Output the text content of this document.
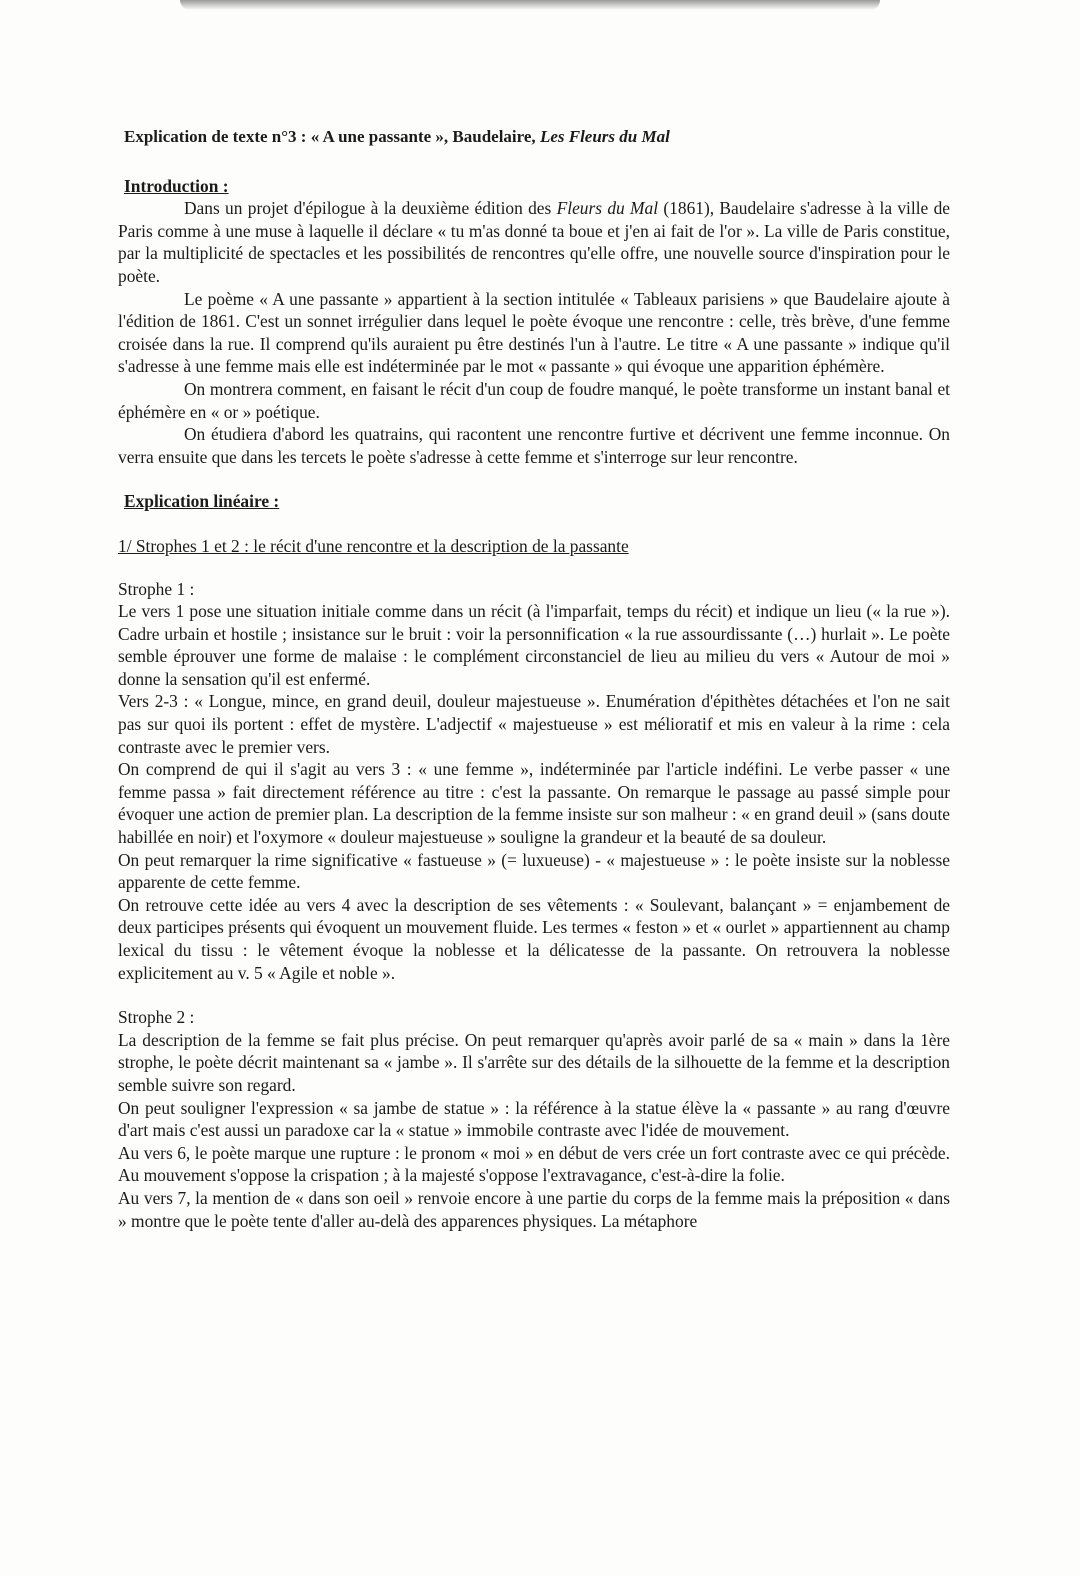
Explication de texte n°3 : « A une passante », Baudelaire, Les Fleurs du Mal
Introduction :

Dans un projet d'épilogue à la deuxième édition des Fleurs du Mal (1861), Baudelaire s'adresse à la ville de Paris comme à une muse à laquelle il déclare « tu m'as donné ta boue et j'en ai fait de l'or ». La ville de Paris constitue, par la multiplicité de spectacles et les possibilités de rencontres qu'elle offre, une nouvelle source d'inspiration pour le poète.

Le poème « A une passante » appartient à la section intitulée « Tableaux parisiens » que Baudelaire ajoute à l'édition de 1861. C'est un sonnet irrégulier dans lequel le poète évoque une rencontre : celle, très brève, d'une femme croisée dans la rue. Il comprend qu'ils auraient pu être destinés l'un à l'autre. Le titre « A une passante » indique qu'il s'adresse à une femme mais elle est indéterminée par le mot « passante » qui évoque une apparition éphémère.

On montrera comment, en faisant le récit d'un coup de foudre manqué, le poète transforme un instant banal et éphémère en « or » poétique.

On étudiera d'abord les quatrains, qui racontent une rencontre furtive et décrivent une femme inconnue. On verra ensuite que dans les tercets le poète s'adresse à cette femme et s'interroge sur leur rencontre.

Explication linéaire :
1/ Strophes 1 et 2 : le récit d'une rencontre et la description de la passante

Strophe 1 :

Le vers 1 pose une situation initiale comme dans un récit (à l'imparfait, temps du récit) et indique un lieu (« la rue »). Cadre urbain et hostile ; insistance sur le bruit : voir la personnification « la rue assourdissante (…) hurlait ». Le poète semble éprouver une forme de malaise : le complément circonstanciel de lieu au milieu du vers « Autour de moi » donne la sensation qu'il est enfermé.

Vers 2-3 : « Longue, mince, en grand deuil, douleur majestueuse ». Enumération d'épithètes détachées et l'on ne sait pas sur quoi ils portent : effet de mystère. L'adjectif « majestueuse » est mélioratif et mis en valeur à la rime : cela contraste avec le premier vers.

On comprend de qui il s'agit au vers 3 : « une femme », indéterminée par l'article indéfini. Le verbe passer « une femme passa » fait directement référence au titre : c'est la passante. On remarque le passage au passé simple pour évoquer une action de premier plan. La description de la femme insiste sur son malheur : « en grand deuil » (sans doute habillée en noir) et l'oxymore « douleur majestueuse » souligne la grandeur et la beauté de sa douleur.

On peut remarquer la rime significative « fastueuse » (= luxueuse) - « majestueuse » : le poète insiste sur la noblesse apparente de cette femme.

On retrouve cette idée au vers 4 avec la description de ses vêtements : « Soulevant, balançant » = enjambement de deux participes présents qui évoquent un mouvement fluide. Les termes « feston » et « ourlet » appartiennent au champ lexical du tissu : le vêtement évoque la noblesse et la délicatesse de la passante. On retrouvera la noblesse explicitement au v. 5 « Agile et noble ».

Strophe 2 :

La description de la femme se fait plus précise. On peut remarquer qu'après avoir parlé de sa « main » dans la 1ère strophe, le poète décrit maintenant sa « jambe ». Il s'arrête sur des détails de la silhouette de la femme et la description semble suivre son regard.

On peut souligner l'expression « sa jambe de statue » : la référence à la statue élève la « passante » au rang d'œuvre d'art mais c'est aussi un paradoxe car la « statue » immobile contraste avec l'idée de mouvement.

Au vers 6, le poète marque une rupture : le pronom « moi » en début de vers crée un fort contraste avec ce qui précède. Au mouvement s'oppose la crispation ; à la majesté s'oppose l'extravagance, c'est-à-dire la folie.

Au vers 7, la mention de « dans son oeil » renvoie encore à une partie du corps de la femme mais la préposition « dans » montre que le poète tente d'aller au-delà des apparences physiques. La métaphore
